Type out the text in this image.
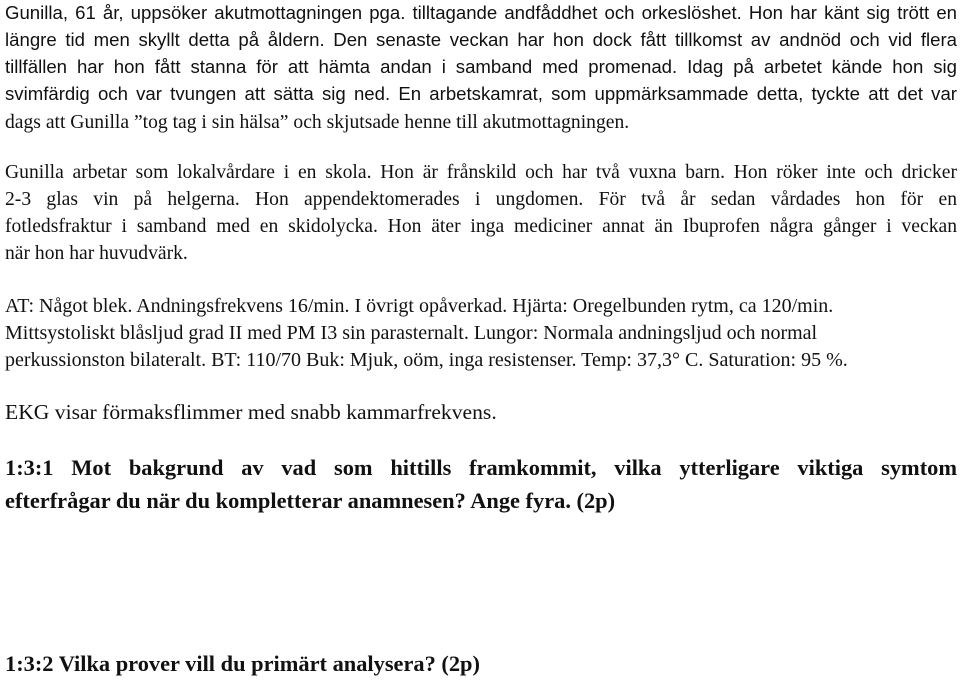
Gunilla, 61 år, uppsöker akutmottagningen pga. tilltagande andfåddhet och orkeslöshet. Hon har känt sig trött en
längre tid men skyllt detta på åldern. Den senaste veckan har hon dock fått tillkomst av andnöd och vid flera
tillfällen har hon fått stanna för att hämta andan i samband med promenad. Idag på arbetet kände hon sig
svimfärdig och var tvungen att sätta sig ned. En arbetskamrat, som uppmärksammade detta, tyckte att det var
dags att Gunilla ”tog tag i sin hälsa” och skjutsade henne till akutmottagningen.
Gunilla arbetar som lokalvårdare i en skola. Hon är frånskild och har två vuxna barn. Hon röker inte och dricker
2-3 glas vin på helgerna. Hon appendektomerades i ungdomen. För två år sedan vårdades hon för en
fotledsfraktur i samband med en skidolycka. Hon äter inga mediciner annat än Ibuprofen några gånger i veckan
när hon har huvudvärk.
AT: Något blek. Andningsfrekvens 16/min. I övrigt opåverkad. Hjärta: Oregelbunden rytm, ca 120/min.
Mittsystoliskt blåsljud grad II med PM I3 sin parasternalt. Lungor: Normala andningsljud och normal
perkussionston bilateralt. BT: 110/70 Buk: Mjuk, oöm, inga resistenser. Temp: 37,3° C. Saturation: 95 %.
EKG visar förmaksflimmer med snabb kammarfrekvens.
1:3:1 Mot bakgrund av vad som hittills framkommit, vilka ytterligare viktiga symtom
efterfrågar du när du kompletterar anamnesen? Ange fyra. (2p)
1:3:2 Vilka prover vill du primärt analysera? (2p)
